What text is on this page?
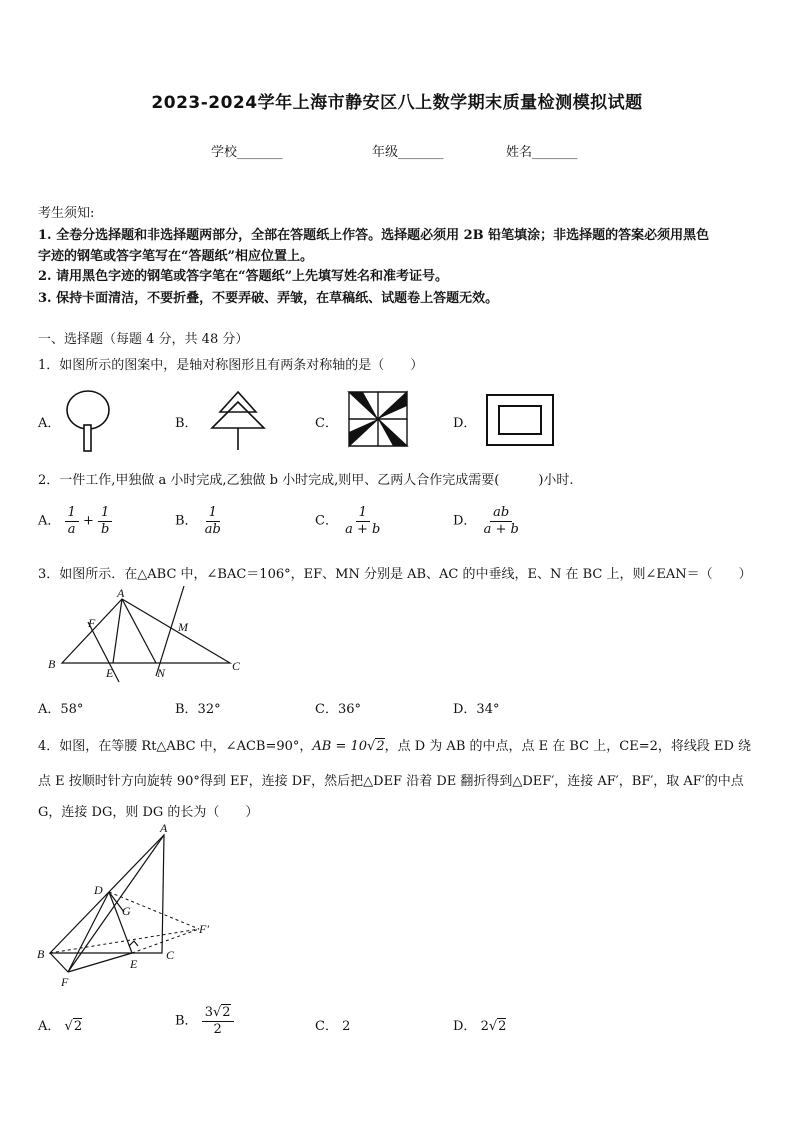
2023-2024学年上海市静安区八上数学期末质量检测模拟试题
学校_______	年级_______	姓名_______
考生须知:
1. 全卷分选择题和非选择题两部分，全部在答题纸上作答。选择题必须用 2B 铅笔填涂；非选择题的答案必须用黑色
字迹的钢笔或答字笔写在“答题纸”相应位置上。
2. 请用黑色字迹的钢笔或答字笔在“答题纸”上先填写姓名和准考证号。
3. 保持卡面清洁，不要折叠，不要弄破、弄皱，在草稿纸、试题卷上答题无效。
一、选择题（每题 4 分，共 48 分）
1．如图所示的图案中，是轴对称图形且有两条对称轴的是（　　）
A．	B．	C．	D．
2．一件工作,甲独做 a 小时完成,乙独做 b 小时完成,则甲、乙两人合作完成需要(　　　)小时.
A． $\frac{1}{a} + \frac{1}{b}$	B． $\frac{1}{ab}$	C． $\frac{1}{a + b}$	D． $\frac{ab}{a + b}$
3．如图所示．在△ABC 中，∠BAC＝106°，EF、MN 分别是 AB、AC 的中垂线，E、N 在 BC 上，则∠EAN＝（　　）
A
B	C
E
F	M
N
A．58°	B．32°	C．36°	D．34°
4．如图，在等腰 Rt△ABC 中，∠ACB=90°，AB = 10√2，点 D 为 AB 的中点，点 E 在 BC 上，CE=2，将线段 ED 绕
点 E 按顺时针方向旋转 90°得到 EF，连接 DF，然后把△DEF 沿着 DE 翻折得到△DEF′，连接 AF′，BF′，取 AF′的中点
G，连接 DG，则 DG 的长为（　　）
A
B	C
D
E
F
G
F′
A． √2	B． $\frac{3√2}{2}$	C． 2	D． 2√2
